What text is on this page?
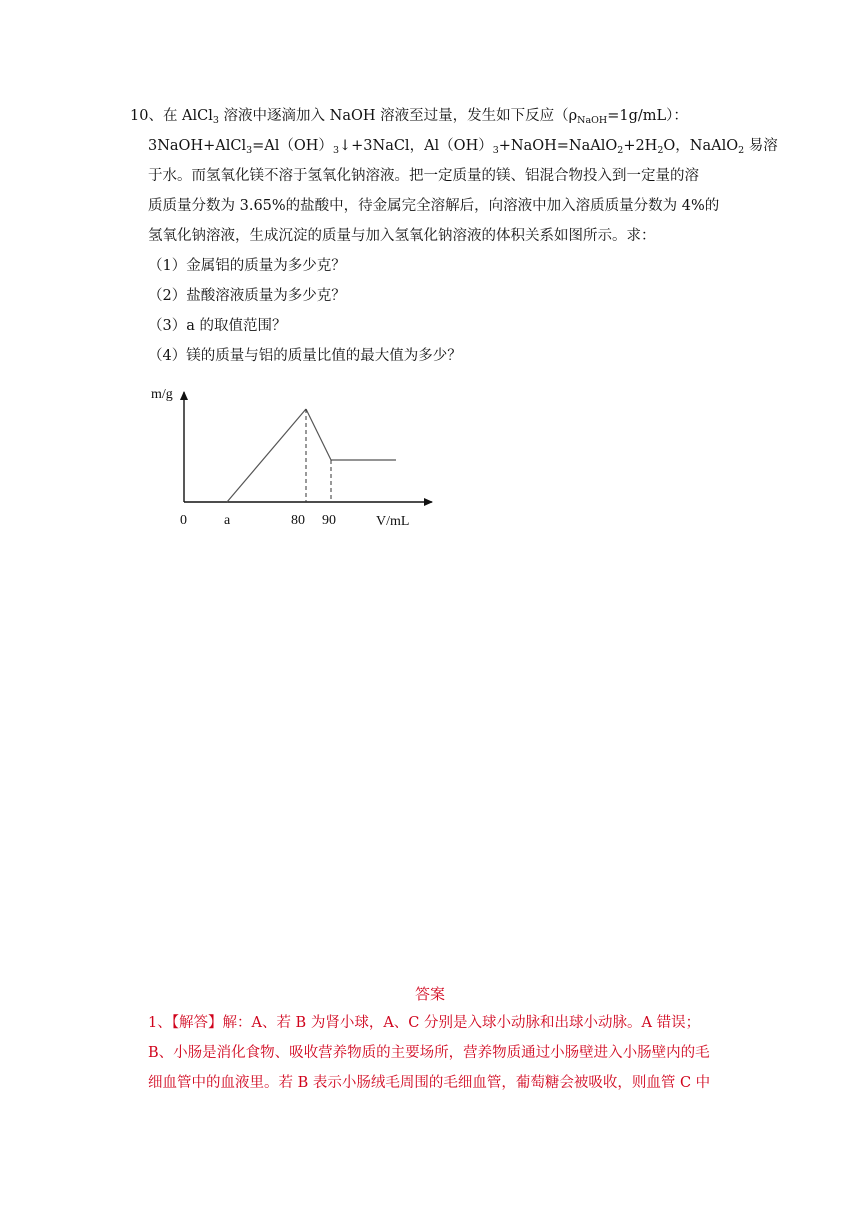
10、在 AlCl$_3$ 溶液中逐滴加入 NaOH 溶液至过量，发生如下反应$(\rho_{NaOH}=1g/mL)$：
$3NaOH+AlCl_3=Al(OH)_3↓+3NaCl$，$Al(OH)_3+NaOH=NaAlO_2+2H_2O$，NaAlO$_2$ 易溶
于水。而氢氧化镁不溶于氢氧化钠溶液。把一定质量的镁、铝混合物投入到一定量的溶
质质量分数为 3.65%的盐酸中，待金属完全溶解后，向溶液中加入溶质质量分数为 4%的
氢氧化钠溶液，生成沉淀的质量与加入氢氧化钠溶液的体积关系如图所示。求：
（1）金属铝的质量为多少克？
（2）盐酸溶液质量为多少克？
（3）a 的取值范围？
（4）镁的质量与铝的质量比值的最大值为多少？
m/g
0	a	80 90	V/mL
答案
1、【解答】解：A、若 B 为肾小球，A、C 分别是入球小动脉和出球小动脉。A 错误；
B、小肠是消化食物、吸收营养物质的主要场所，营养物质通过小肠壁进入小肠壁内的毛
细血管中的血液里。若 B 表示小肠绒毛周围的毛细血管，葡萄糖会被吸收，则血管 C 中
